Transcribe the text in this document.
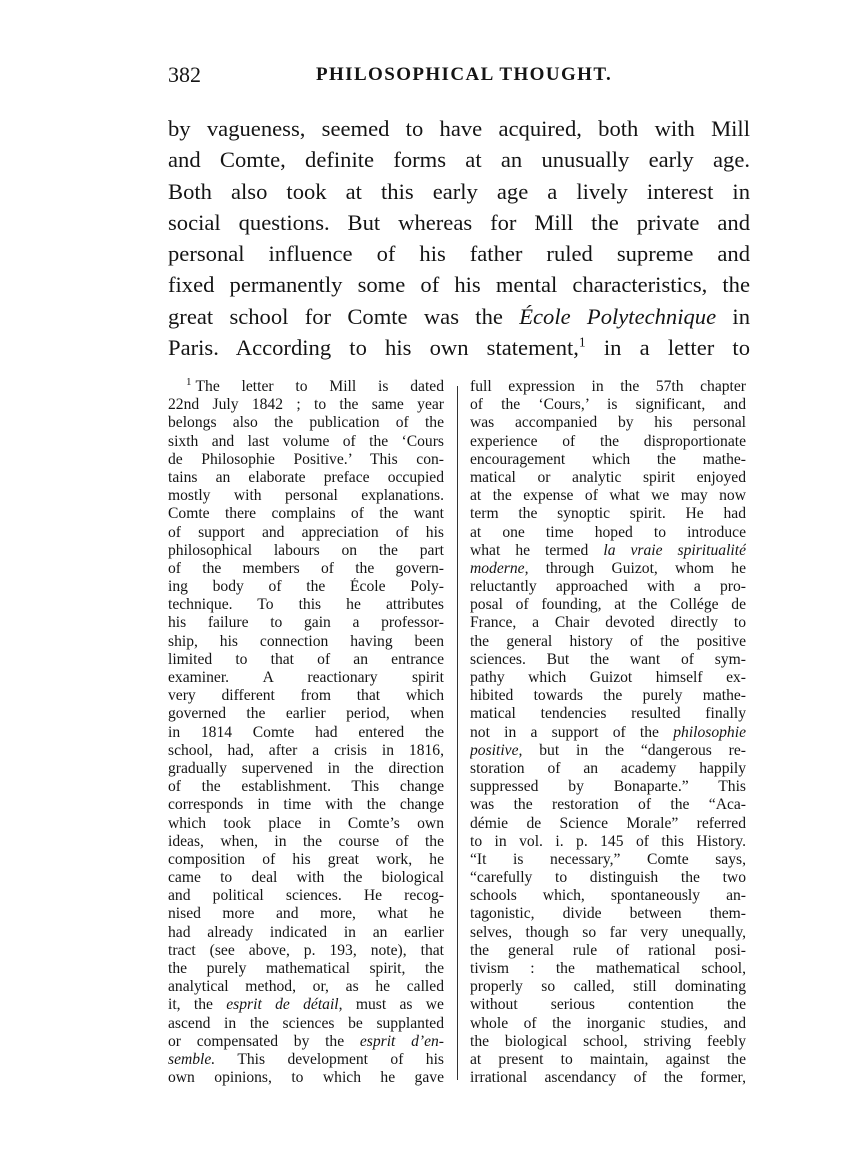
382	PHILOSOPHICAL THOUGHT.
by vagueness, seemed to have acquired, both with Mill
and Comte, definite forms at an unusually early age.
Both also took at this early age a lively interest in
social questions. But whereas for Mill the private and
personal influence of his father ruled supreme and
fixed permanently some of his mental characteristics, the
great school for Comte was the École Polytechnique in
Paris. According to his own statement,$^1$ in a letter to
$^1$ The letter to Mill is dated
22nd July 1842 ; to the same year
belongs also the publication of the
sixth and last volume of the ‘Cours
de Philosophie Positive.’ This con-
tains an elaborate preface occupied
mostly with personal explanations.
Comte there complains of the want
of support and appreciation of his
philosophical labours on the part
of the members of the govern-
ing body of the École Poly-
technique. To this he attributes
his failure to gain a professor-
ship, his connection having been
limited to that of an entrance
examiner. A reactionary spirit
very different from that which
governed the earlier period, when
in 1814 Comte had entered the
school, had, after a crisis in 1816,
gradually supervened in the direction
of the establishment. This change
corresponds in time with the change
which took place in Comte’s own
ideas, when, in the course of the
composition of his great work, he
came to deal with the biological
and political sciences. He recog-
nised more and more, what he
had already indicated in an earlier
tract (see above, p. 193, note), that
the purely mathematical spirit, the
analytical method, or, as he called
it, the esprit de détail, must as we
ascend in the sciences be supplanted
or compensated by the esprit d’en-
semble. This development of his
own opinions, to which he gave
full expression in the 57th chapter
of the ‘Cours,’ is significant, and
was accompanied by his personal
experience of the disproportionate
encouragement which the mathe-
matical or analytic spirit enjoyed
at the expense of what we may now
term the synoptic spirit. He had
at one time hoped to introduce
what he termed la vraie spiritualité
moderne, through Guizot, whom he
reluctantly approached with a pro-
posal of founding, at the Collége de
France, a Chair devoted directly to
the general history of the positive
sciences. But the want of sym-
pathy which Guizot himself ex-
hibited towards the purely mathe-
matical tendencies resulted finally
not in a support of the philosophie
positive, but in the “dangerous re-
storation of an academy happily
suppressed by Bonaparte.” This
was the restoration of the “Aca-
démie de Science Morale” referred
to in vol. i. p. 145 of this History.
“It is necessary,” Comte says,
“carefully to distinguish the two
schools which, spontaneously an-
tagonistic, divide between them-
selves, though so far very unequally,
the general rule of rational posi-
tivism : the mathematical school,
properly so called, still dominating
without serious contention the
whole of the inorganic studies, and
the biological school, striving feebly
at present to maintain, against the
irrational ascendancy of the former,
